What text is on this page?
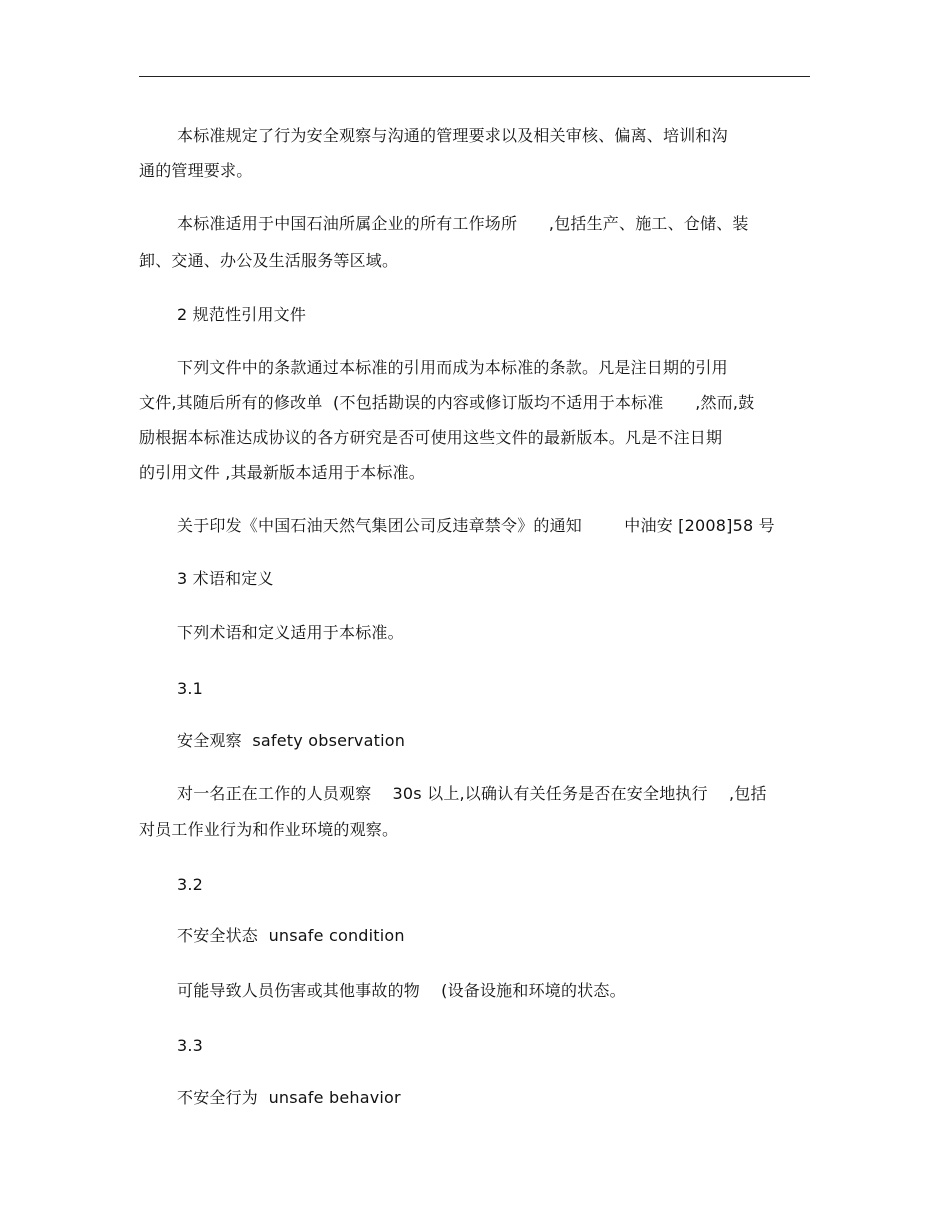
本标准规定了行为安全观察与沟通的管理要求以及相关审核、偏离、培训和沟
通的管理要求。
本标准适用于中国石油所属企业的所有工作场所      ,包括生产、施工、仓储、装
卸、交通、办公及生活服务等区域。
2 规范性引用文件
下列文件中的条款通过本标准的引用而成为本标准的条款。凡是注日期的引用
文件,其随后所有的修改单  (不包括勘误的内容或修订版均不适用于本标准      ,然而,鼓
励根据本标准达成协议的各方研究是否可使用这些文件的最新版本。凡是不注日期
的引用文件 ,其最新版本适用于本标准。
关于印发《中国石油天然气集团公司反违章禁令》的通知        中油安 [2008]58 号
3 术语和定义
下列术语和定义适用于本标准。
3.1
安全观察  safety observation
对一名正在工作的人员观察    30s 以上,以确认有关任务是否在安全地执行    ,包括
对员工作业行为和作业环境的观察。
3.2
不安全状态  unsafe condition
可能导致人员伤害或其他事故的物    (设备设施和环境的状态。
3.3
不安全行为  unsafe behavior
